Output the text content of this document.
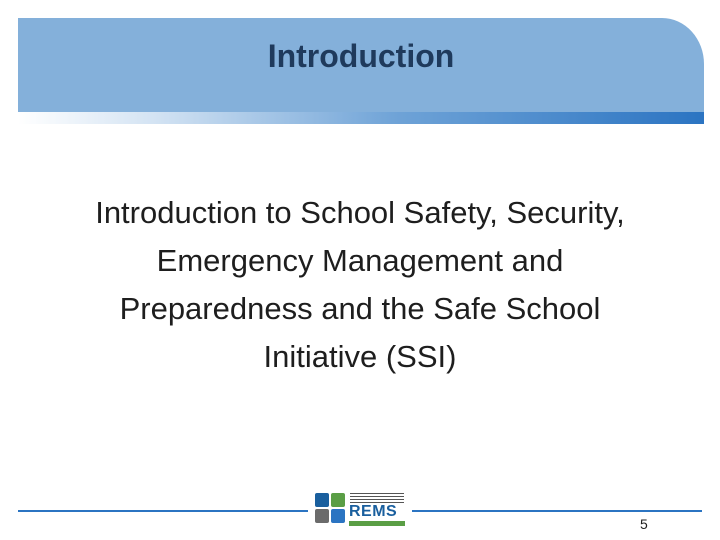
Introduction
Introduction to School Safety, Security,
Emergency Management and
Preparedness and the Safe School
Initiative (SSI)
REMS
5
